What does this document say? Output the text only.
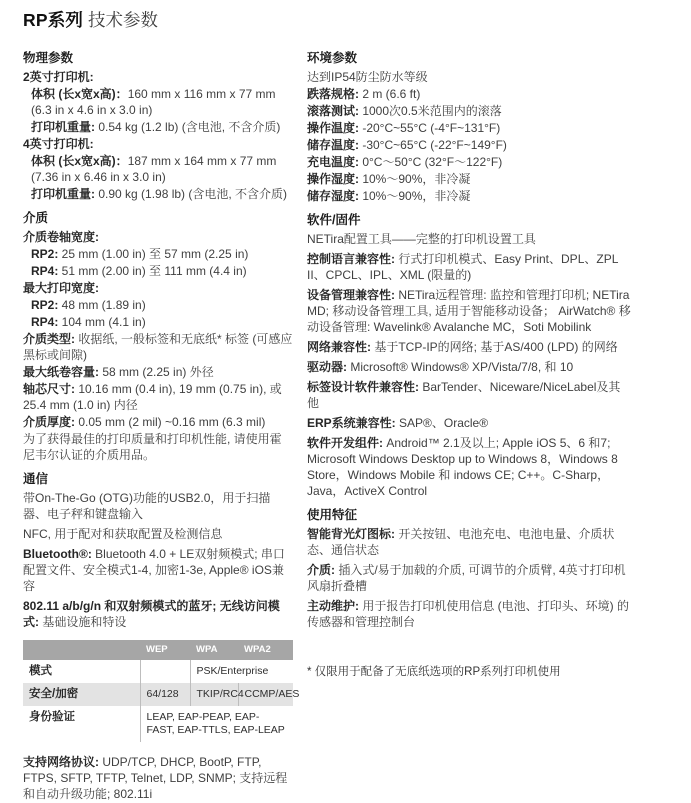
RP系列 技术参数
物理参数
2英寸打印机:
体积 (长x宽x高)：160 mm x 116 mm x 77 mm (6.3 in x 4.6 in x 3.0 in)
打印机重量: 0.54 kg (1.2 lb) (含电池, 不含介质)
4英寸打印机:
体积 (长x宽x高)：187 mm x 164 mm x 77 mm (7.36 in x 6.46 in x 3.0 in)
打印机重量: 0.90 kg (1.98 lb) (含电池, 不含介质)
介质
介质卷轴宽度:
RP2: 25 mm (1.00 in) 至 57 mm (2.25 in)
RP4: 51 mm (2.00 in) 至 111 mm (4.4 in)
最大打印宽度:
RP2: 48 mm (1.89 in)
RP4: 104 mm (4.1 in)
介质类型: 收据纸, 一般标签和无底纸* 标签 (可感应黑标或间隙)
最大纸卷容量: 58 mm (2.25 in) 外径
轴芯尺寸: 10.16 mm (0.4 in), 19 mm (0.75 in), 或 25.4 mm (1.0 in) 内径
介质厚度: 0.05 mm (2 mil) ~0.16 mm (6.3 mil)
为了获得最佳的打印质量和打印机性能, 请使用霍尼韦尔认证的介质用品。
通信
带On-The-Go (OTG)功能的USB2.0，用于扫描器、电子秤和键盘输入
NFC, 用于配对和获取配置及检测信息
Bluetooth®: Bluetooth 4.0 + LE双射频模式; 串口配置文件、安全模式1-4, 加密1-3e, Apple® iOS兼容
802.11 a/b/g/n 和双射频模式的蓝牙; 无线访问模式: 基础设施和特设
	WEP	WPA	WPA2
模式		PSK/Enterprise	
安全/加密	64/128	TKIP/RC4	CCMP/AES
身份验证	LEAP, EAP-PEAP, EAP-FAST, EAP-TTLS, EAP-LEAP		
支持网络协议: UDP/TCP, DHCP, BootP, FTP, FTPS, SFTP, TFTP, Telnet, LDP, SNMP; 支持远程和自动升级功能; 802.11i
环境参数
达到IP54防尘防水等级
跌落规格: 2 m (6.6 ft)
滚落测试: 1000次0.5米范围内的滚落
操作温度: -20°C~55°C (-4°F~131°F)
储存温度: -30°C~65°C (-22°F~149°F)
充电温度: 0°C～50°C (32°F～122°F)
操作湿度: 10%～90%，非冷凝
储存湿度: 10%～90%，非冷凝
软件/固件
NETira配置工具——完整的打印机设置工具
控制语言兼容性: 行式打印机模式、Easy Print、DPL、ZPL II、CPCL、IPL、XML (限量的)
设备管理兼容性: NETira远程管理: 监控和管理打印机; NETira MD; 移动设备管理工具, 适用于智能移动设备； AirWatch® 移动设备管理: Wavelink® Avalanche MC，Soti Mobilink
网络兼容性: 基于TCP-IP的网络; 基于AS/400 (LPD) 的网络
驱动器: Microsoft® Windows® XP/Vista/7/8, 和 10
标签设计软件兼容性: BarTender、Niceware/NiceLabel及其他
ERP系统兼容性: SAP®、Oracle®
软件开发组件: Android™ 2.1及以上; Apple iOS 5、6 和7; Microsoft Windows Desktop up to Windows 8，Windows 8 Store，Windows Mobile 和 indows CE; C++。C-Sharp，Java，ActiveX Control
使用特征
智能背光灯图标: 开关按钮、电池充电、电池电量、介质状态、通信状态
介质: 插入式/易于加载的介质, 可调节的介质臂, 4英寸打印机风扇折叠槽
主动维护: 用于报告打印机使用信息 (电池、打印头、环境) 的传感器和管理控制台
* 仅限用于配备了无底纸选项的RP系列打印机使用
